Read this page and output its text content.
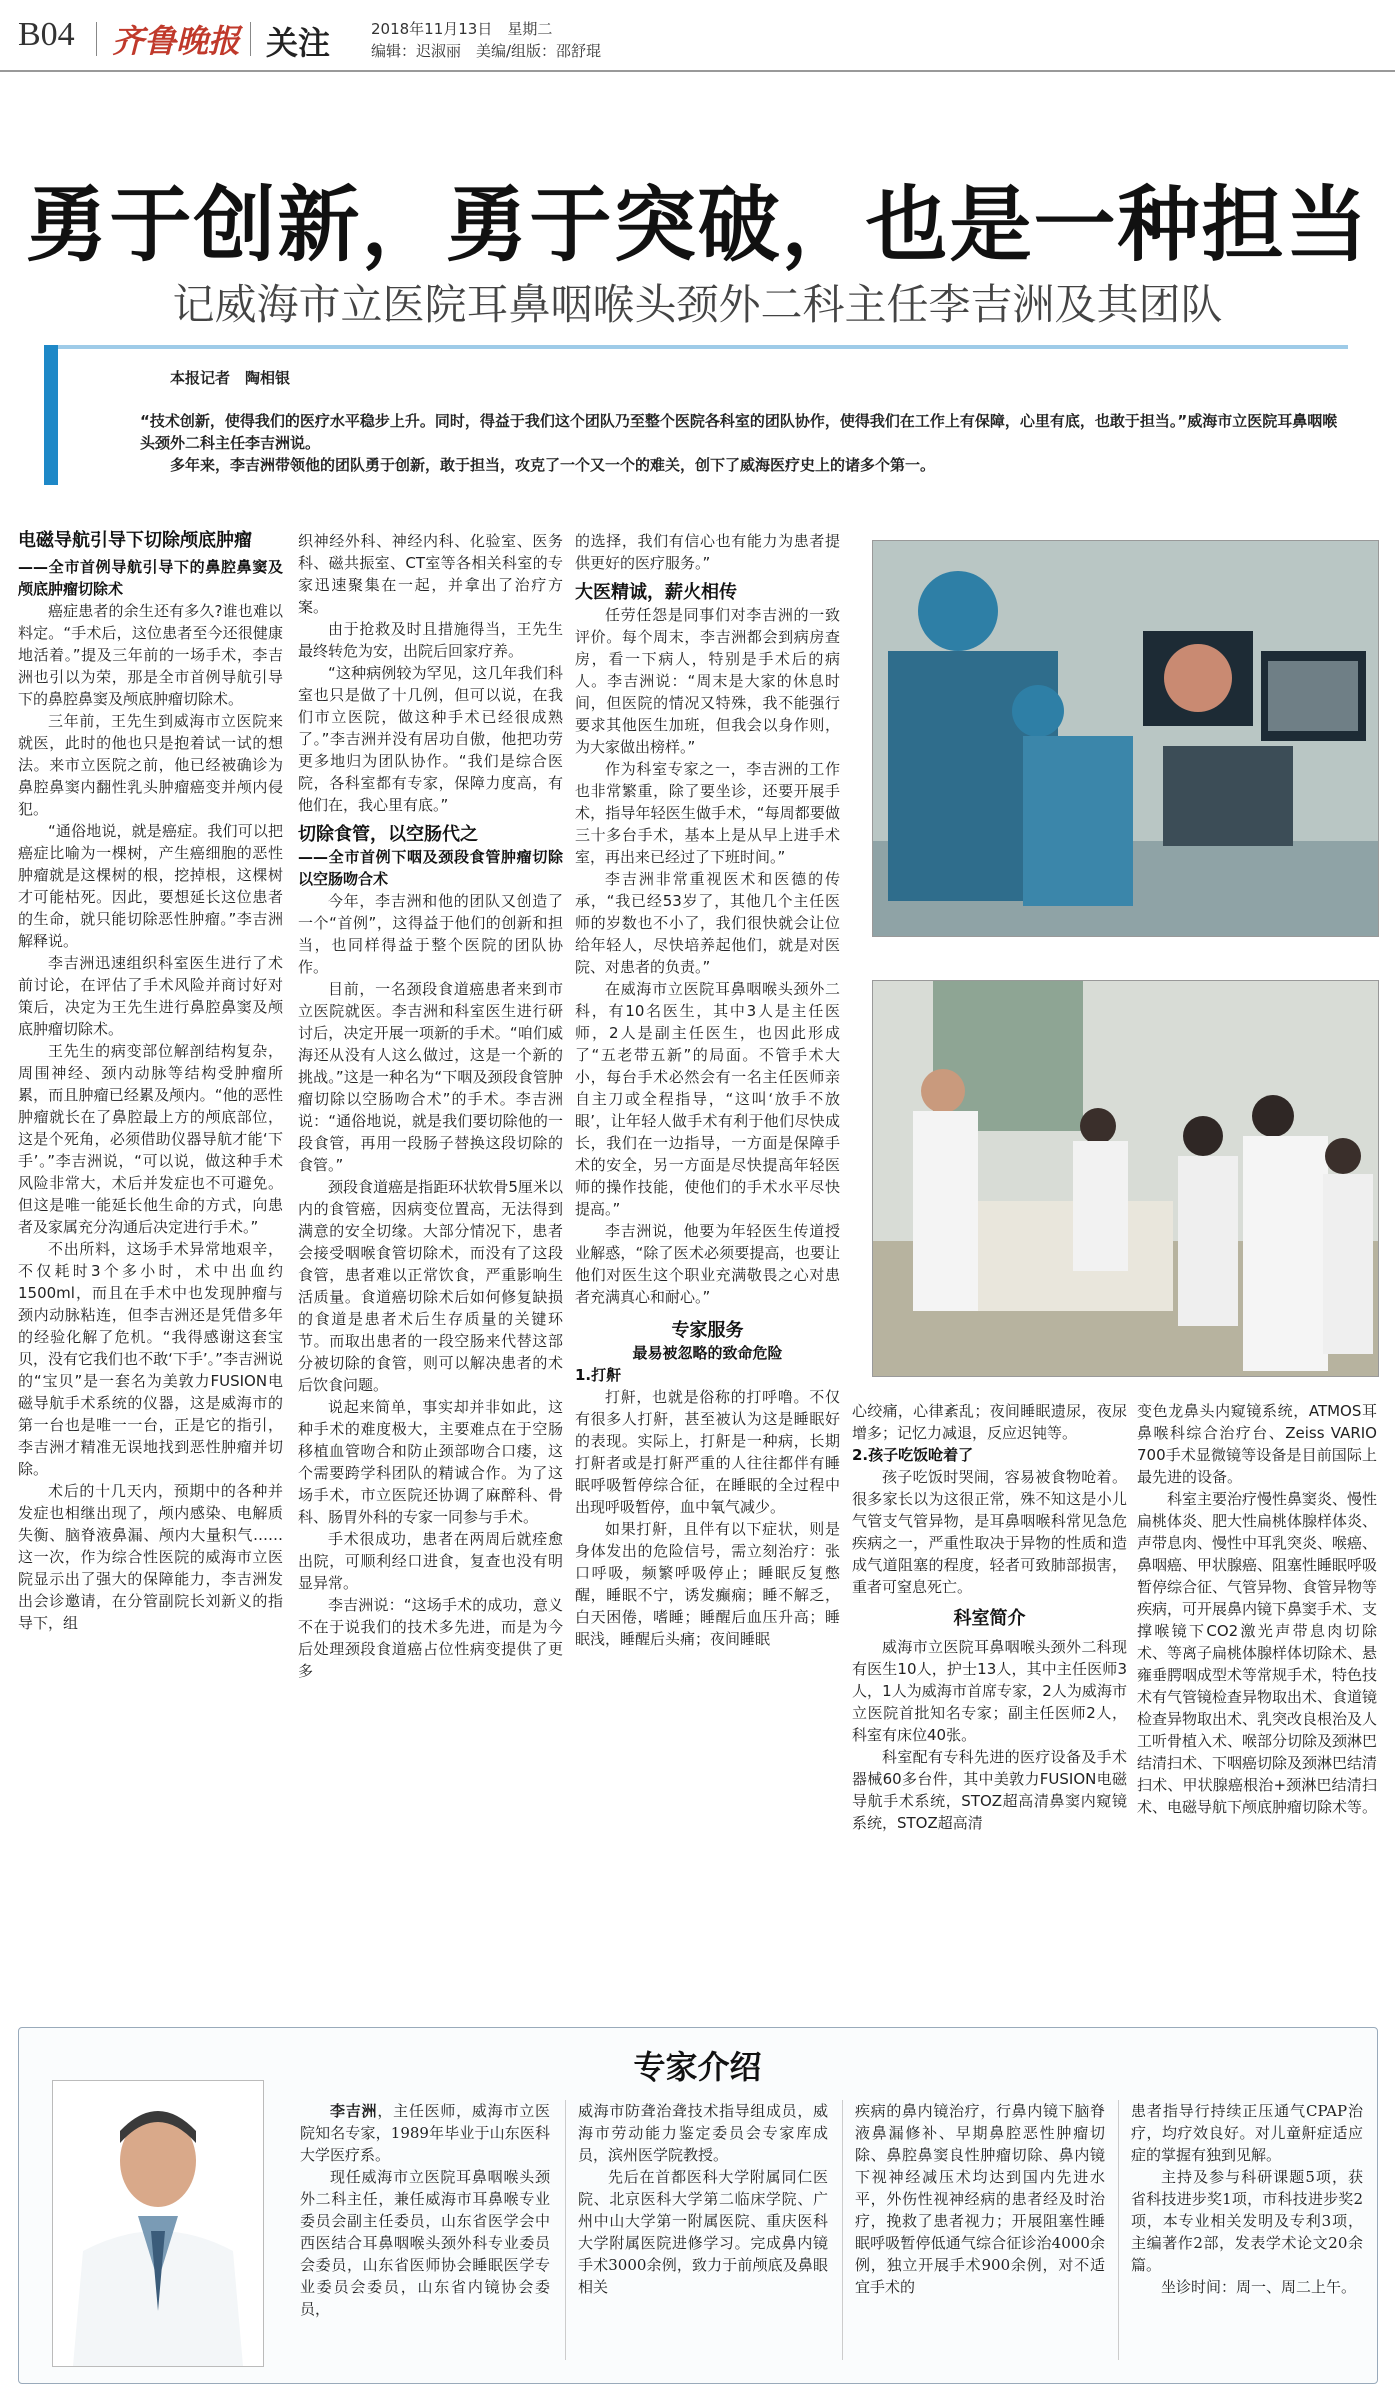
B04 齐鲁晚报 关注	2018年11月13日　星期二
编辑：迟淑丽　美编/组版：邵舒琨
勇于创新，勇于突破，也是一种担当
记威海市立医院耳鼻咽喉头颈外二科主任李吉洲及其团队
本报记者　陶相银
“技术创新，使得我们的医疗水平稳步上升。同时，得益于我们这个团队乃至整个医院各科室的团队协作，使得我们在工作上有保障，心里有底，也敢于担当。”威海市立医院耳鼻咽喉头颈外二科主任李吉洲说。
多年来，李吉洲带领他的团队勇于创新，敢于担当，攻克了一个又一个的难关，创下了威海医疗史上的诸多个第一。
电磁导航引导下切除颅底肿瘤
——全市首例导航引导下的鼻腔鼻窦及颅底肿瘤切除术

癌症患者的余生还有多久?谁也难以料定。“手术后，这位患者至今还很健康地活着。”提及三年前的一场手术，李吉洲也引以为荣，那是全市首例导航引导下的鼻腔鼻窦及颅底肿瘤切除术。

三年前，王先生到威海市立医院来就医，此时的他也只是抱着试一试的想法。来市立医院之前，他已经被确诊为鼻腔鼻窦内翻性乳头肿瘤癌变并颅内侵犯。

“通俗地说，就是癌症。我们可以把癌症比喻为一棵树，产生癌细胞的恶性肿瘤就是这棵树的根，挖掉根，这棵树才可能枯死。因此，要想延长这位患者的生命，就只能切除恶性肿瘤。”李吉洲解释说。

李吉洲迅速组织科室医生进行了术前讨论，在评估了手术风险并商讨好对策后，决定为王先生进行鼻腔鼻窦及颅底肿瘤切除术。

王先生的病变部位解剖结构复杂，周围神经、颈内动脉等结构受肿瘤所累，而且肿瘤已经累及颅内。“他的恶性肿瘤就长在了鼻腔最上方的颅底部位，这是个死角，必须借助仪器导航才能‘下手’。”李吉洲说，“可以说，做这种手术风险非常大，术后并发症也不可避免。但这是唯一能延长他生命的方式，向患者及家属充分沟通后决定进行手术。”

不出所料，这场手术异常地艰辛，不仅耗时3个多小时，术中出血约1500ml，而且在手术中也发现肿瘤与颈内动脉粘连，但李吉洲还是凭借多年的经验化解了危机。“我得感谢这套宝贝，没有它我们也不敢‘下手’。”李吉洲说的“宝贝”是一套名为美敦力FUSION电磁导航手术系统的仪器，这是威海市的第一台也是唯一一台，正是它的指引，李吉洲才精准无误地找到恶性肿瘤并切除。

术后的十几天内，预期中的各种并发症也相继出现了，颅内感染、电解质失衡、脑脊液鼻漏、颅内大量积气……这一次，作为综合性医院的威海市立医院显示出了强大的保障能力，李吉洲发出会诊邀请，在分管副院长刘新义的指导下，组

织神经外科、神经内科、化验室、医务科、磁共振室、CT室等各相关科室的专家迅速聚集在一起，并拿出了治疗方案。

由于抢救及时且措施得当，王先生最终转危为安，出院后回家疗养。

“这种病例较为罕见，这几年我们科室也只是做了十几例，但可以说，在我们市立医院，做这种手术已经很成熟了。”李吉洲并没有居功自傲，他把功劳更多地归为团队协作。“我们是综合医院，各科室都有专家，保障力度高，有他们在，我心里有底。”

切除食管，以空肠代之
——全市首例下咽及颈段食管肿瘤切除以空肠吻合术

今年，李吉洲和他的团队又创造了一个“首例”，这得益于他们的创新和担当，也同样得益于整个医院的团队协作。

目前，一名颈段食道癌患者来到市立医院就医。李吉洲和科室医生进行研讨后，决定开展一项新的手术。“咱们威海还从没有人这么做过，这是一个新的挑战。”这是一种名为“下咽及颈段食管肿瘤切除以空肠吻合术”的手术。李吉洲说：“通俗地说，就是我们要切除他的一段食管，再用一段肠子替换这段切除的食管。”

颈段食道癌是指距环状软骨5厘米以内的食管癌，因病变位置高，无法得到满意的安全切缘。大部分情况下，患者会接受咽喉食管切除术，而没有了这段食管，患者难以正常饮食，严重影响生活质量。食道癌切除术后如何修复缺损的食道是患者术后生存质量的关键环节。而取出患者的一段空肠来代替这部分被切除的食管，则可以解决患者的术后饮食问题。

说起来简单，事实却并非如此，这种手术的难度极大，主要难点在于空肠移植血管吻合和防止颈部吻合口瘘，这个需要跨学科团队的精诚合作。为了这场手术，市立医院还协调了麻醉科、骨科、肠胃外科的专家一同参与手术。

手术很成功，患者在两周后就痊愈出院，可顺利经口进食，复查也没有明显异常。

李吉洲说：“这场手术的成功，意义不在于说我们的技术多先进，而是为今后处理颈段食道癌占位性病变提供了更多

的选择，我们有信心也有能力为患者提供更好的医疗服务。”

大医精诚，薪火相传

任劳任怨是同事们对李吉洲的一致评价。每个周末，李吉洲都会到病房查房，看一下病人，特别是手术后的病人。李吉洲说：“周末是大家的休息时间，但医院的情况又特殊，我不能强行要求其他医生加班，但我会以身作则，为大家做出榜样。”

作为科室专家之一，李吉洲的工作也非常繁重，除了要坐诊，还要开展手术，指导年轻医生做手术，“每周都要做三十多台手术，基本上是从早上进手术室，再出来已经过了下班时间。”

李吉洲非常重视医术和医德的传承，“我已经53岁了，其他几个主任医师的岁数也不小了，我们很快就会让位给年轻人，尽快培养起他们，就是对医院、对患者的负责。”

在威海市立医院耳鼻咽喉头颈外二科，有10名医生，其中3人是主任医师，2人是副主任医生，也因此形成了“五老带五新”的局面。不管手术大小，每台手术必然会有一名主任医师亲自主刀或全程指导，“这叫‘放手不放眼’，让年轻人做手术有利于他们尽快成长，我们在一边指导，一方面是保障手术的安全，另一方面是尽快提高年轻医师的操作技能，使他们的手术水平尽快提高。”

李吉洲说，他要为年轻医生传道授业解惑，“除了医术必须要提高，也要让他们对医生这个职业充满敬畏之心对患者充满真心和耐心。”

专家服务
最易被忽略的致命危险
1.打鼾

打鼾，也就是俗称的打呼噜。不仅有很多人打鼾，甚至被认为这是睡眠好的表现。实际上，打鼾是一种病，长期打鼾者或是打鼾严重的人往往都伴有睡眠呼吸暂停综合征，在睡眠的全过程中出现呼吸暂停，血中氧气减少。

如果打鼾，且伴有以下症状，则是身体发出的危险信号，需立刻治疗：张口呼吸，频繁呼吸停止；睡眠反复憋醒，睡眠不宁，诱发癫痫；睡不解乏，白天困倦，嗜睡；睡醒后血压升高；睡眠浅，睡醒后头痛；夜间睡眠

心绞痛，心律紊乱；夜间睡眠遗尿，夜尿增多；记忆力减退，反应迟钝等。

2.孩子吃饭呛着了

孩子吃饭时哭闹，容易被食物呛着。很多家长以为这很正常，殊不知这是小儿气管支气管异物，是耳鼻咽喉科常见急危疾病之一，严重性取决于异物的性质和造成气道阻塞的程度，轻者可致肺部损害，重者可窒息死亡。

科室简介

威海市立医院耳鼻咽喉头颈外二科现有医生10人，护士13人，其中主任医师3人，1人为威海市首席专家，2人为威海市立医院首批知名专家；副主任医师2人，科室有床位40张。

科室配有专科先进的医疗设备及手术器械60多台件，其中美敦力FUSION电磁导航手术系统，STOZ超高清鼻窦内窥镜系统，STOZ超高清

变色龙鼻头内窥镜系统，ATMOS耳鼻喉科综合治疗台、Zeiss VARIO 700手术显微镜等设备是目前国际上最先进的设备。

科室主要治疗慢性鼻窦炎、慢性扁桃体炎、肥大性扁桃体腺样体炎、声带息肉、慢性中耳乳突炎、喉癌、鼻咽癌、甲状腺癌、阻塞性睡眠呼吸暂停综合征、气管异物、食管异物等疾病，可开展鼻内镜下鼻窦手术、支撑喉镜下CO2激光声带息肉切除术、等离子扁桃体腺样体切除术、悬雍垂腭咽成型术等常规手术，特色技术有气管镜检查异物取出术、食道镜检查异物取出术、乳突改良根治及人工听骨植入术、喉部分切除及颈淋巴结清扫术、下咽癌切除及颈淋巴结清扫术、甲状腺癌根治+颈淋巴结清扫术、电磁导航下颅底肿瘤切除术等。

专家介绍

李吉洲，主任医师，威海市立医院知名专家，1989年毕业于山东医科大学医疗系。

现任威海市立医院耳鼻咽喉头颈外二科主任，兼任威海市耳鼻喉专业委员会副主任委员，山东省医学会中西医结合耳鼻咽喉头颈外科专业委员会委员，山东省医师协会睡眠医学专业委员会委员，山东省内镜协会委员，

威海市防聋治聋技术指导组成员，威海市劳动能力鉴定委员会专家库成员，滨州医学院教授。

先后在首都医科大学附属同仁医院、北京医科大学第二临床学院、广州中山大学第一附属医院、重庆医科大学附属医院进修学习。完成鼻内镜手术3000余例，致力于前颅底及鼻眼相关

疾病的鼻内镜治疗，行鼻内镜下脑脊液鼻漏修补、早期鼻腔恶性肿瘤切除、鼻腔鼻窦良性肿瘤切除、鼻内镜下视神经减压术均达到国内先进水平，外伤性视神经病的患者经及时治疗，挽救了患者视力；开展阻塞性睡眠呼吸暂停低通气综合征诊治4000余例，独立开展手术900余例，对不适宜手术的

患者指导行持续正压通气CPAP治疗，均疗效良好。对儿童鼾症适应症的掌握有独到见解。

主持及参与科研课题5项，获省科技进步奖1项，市科技进步奖2项，本专业相关发明及专利3项，主编著作2部，发表学术论文20余篇。

坐诊时间：周一、周二上午。
